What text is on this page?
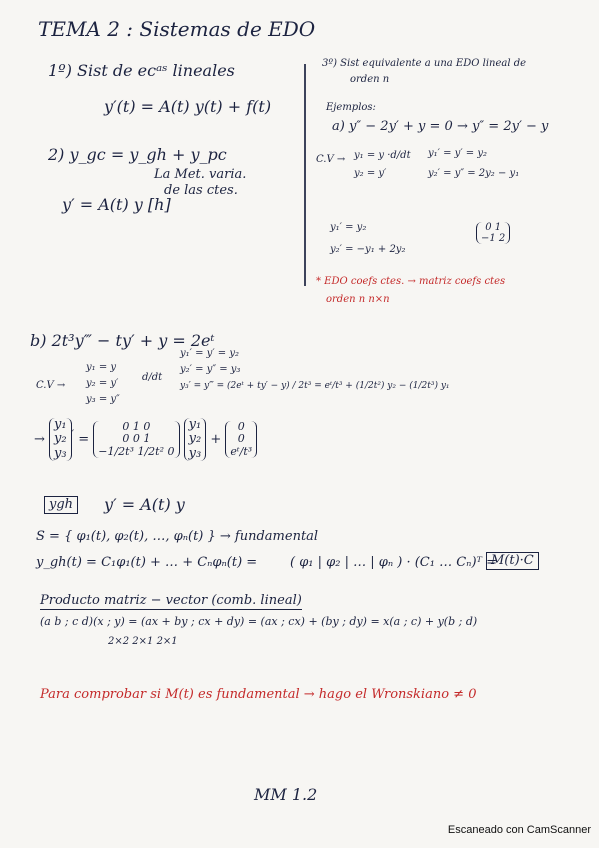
TEMA 2 : Sistemas de EDO
1º) Sist de ecᵃˢ lineales
y′(t) = A(t) y(t) + f(t)
2) y_gc = y_gh + y_pc
La Met. varia.
de las ctes.
y′ = A(t) y [h]
3º) Sist equivalente a una EDO lineal de
orden n
Ejemplos:
a) y″ − 2y′ + y = 0 → y″ = 2y′ − y
C.V → y₁ = y ·d/dt
y₂ = y′
y₁′ = y′ = y₂
y₂′ = y″ = 2y₂ − y₁
y₁′ = y₂
y₂′ = −y₁ + 2y₂
0 1
−1 2
* EDO coefs ctes. → matriz coefs ctes
orden n n×n
b) 2t³y‴ − ty′ + y = 2eᵗ
C.V →
y₁ = y
y₂ = y′
y₃ = y″
d/dt
y₁′ = y′ = y₂
y₂′ = y″ = y₃
y₃′ = y‴ = (2eᵗ + ty′ − y) / 2t³ = eᵗ/t³ + (1/2t²) y₂ − (1/2t³) y₁
→
y₁
y₂
y₃
′ =
0 1 0
0 0 1
−1/2t³ 1/2t² 0

y₁
y₂
y₃
+
0
0
eᵗ/t³
ygh	y′ = A(t) y
S = { φ₁(t), φ₂(t), …, φₙ(t) } → fundamental
y_gh(t) = C₁φ₁(t) + … + Cₙφₙ(t) =	( φ₁ | φ₂ | … | φₙ ) · (C₁ … Cₙ)ᵀ =
M(t)·C
Producto matriz − vector (comb. lineal)
(a b ; c d)(x ; y) = (ax + by ; cx + dy) = (ax ; cx) + (by ; dy) = x(a ; c) + y(b ; d)
2×2 2×1 2×1
Para comprobar si M(t) es fundamental → hago el Wronskiano ≠ 0
MM 1.2
Escaneado con CamScanner
